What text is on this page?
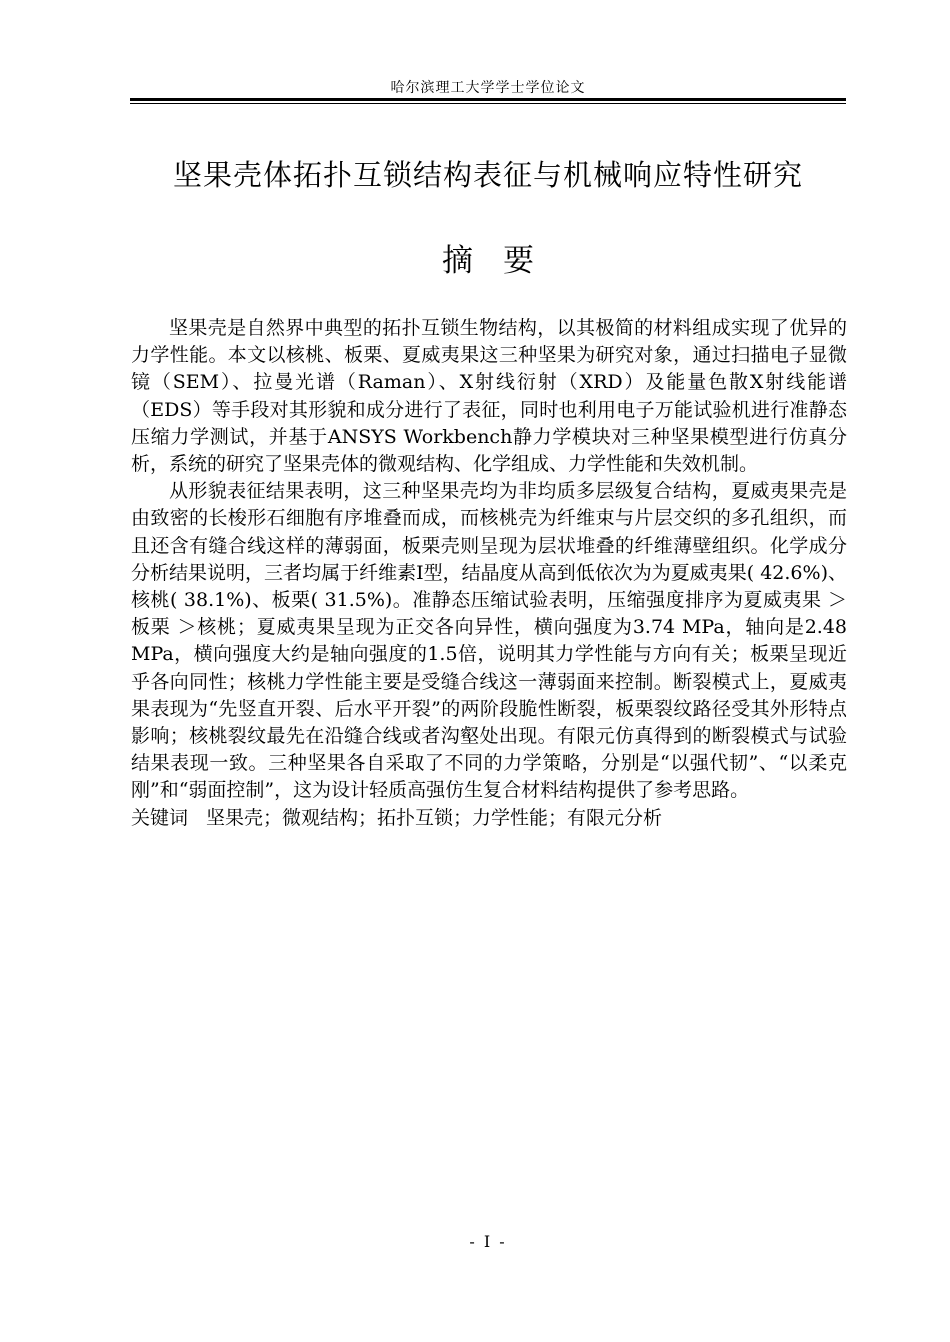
哈尔滨理工大学学士学位论文
坚果壳体拓扑互锁结构表征与机械响应特性研究
摘 要

坚果壳是自然界中典型的拓扑互锁生物结构，以其极简的材料组成实现了优异的力学性能。本文以核桃、板栗、夏威夷果这三种坚果为研究对象，通过扫描电子显微镜（SEM）、拉曼光谱（Raman）、X射线衍射（XRD）及能量色散X射线能谱（EDS）等手段对其形貌和成分进行了表征，同时也利用电子万能试验机进行准静态压缩力学测试，并基于ANSYS Workbench静力学模块对三种坚果模型进行仿真分析，系统的研究了坚果壳体的微观结构、化学组成、力学性能和失效机制。

从形貌表征结果表明，这三种坚果壳均为非均质多层级复合结构，夏威夷果壳是由致密的长梭形石细胞有序堆叠而成，而核桃壳为纤维束与片层交织的多孔组织，而且还含有缝合线这样的薄弱面，板栗壳则呈现为层状堆叠的纤维薄壁组织。化学成分分析结果说明，三者均属于纤维素I型，结晶度从高到低依次为为夏威夷果( 42.6%)、核桃( 38.1%)、板栗( 31.5%)。准静态压缩试验表明，压缩强度排序为夏威夷果 ＞板栗 ＞核桃；夏威夷果呈现为正交各向异性，横向强度为3.74 MPa，轴向是2.48 MPa，横向强度大约是轴向强度的1.5倍，说明其力学性能与方向有关；板栗呈现近乎各向同性；核桃力学性能主要是受缝合线这一薄弱面来控制。断裂模式上，夏威夷果表现为“先竖直开裂、后水平开裂”的两阶段脆性断裂，板栗裂纹路径受其外形特点影响；核桃裂纹最先在沿缝合线或者沟壑处出现。有限元仿真得到的断裂模式与试验结果表现一致。三种坚果各自采取了不同的力学策略，分别是“以强代韧”、“以柔克刚”和“弱面控制”，这为设计轻质高强仿生复合材料结构提供了参考思路。

关键词 坚果壳；微观结构；拓扑互锁；力学性能；有限元分析

- I -
